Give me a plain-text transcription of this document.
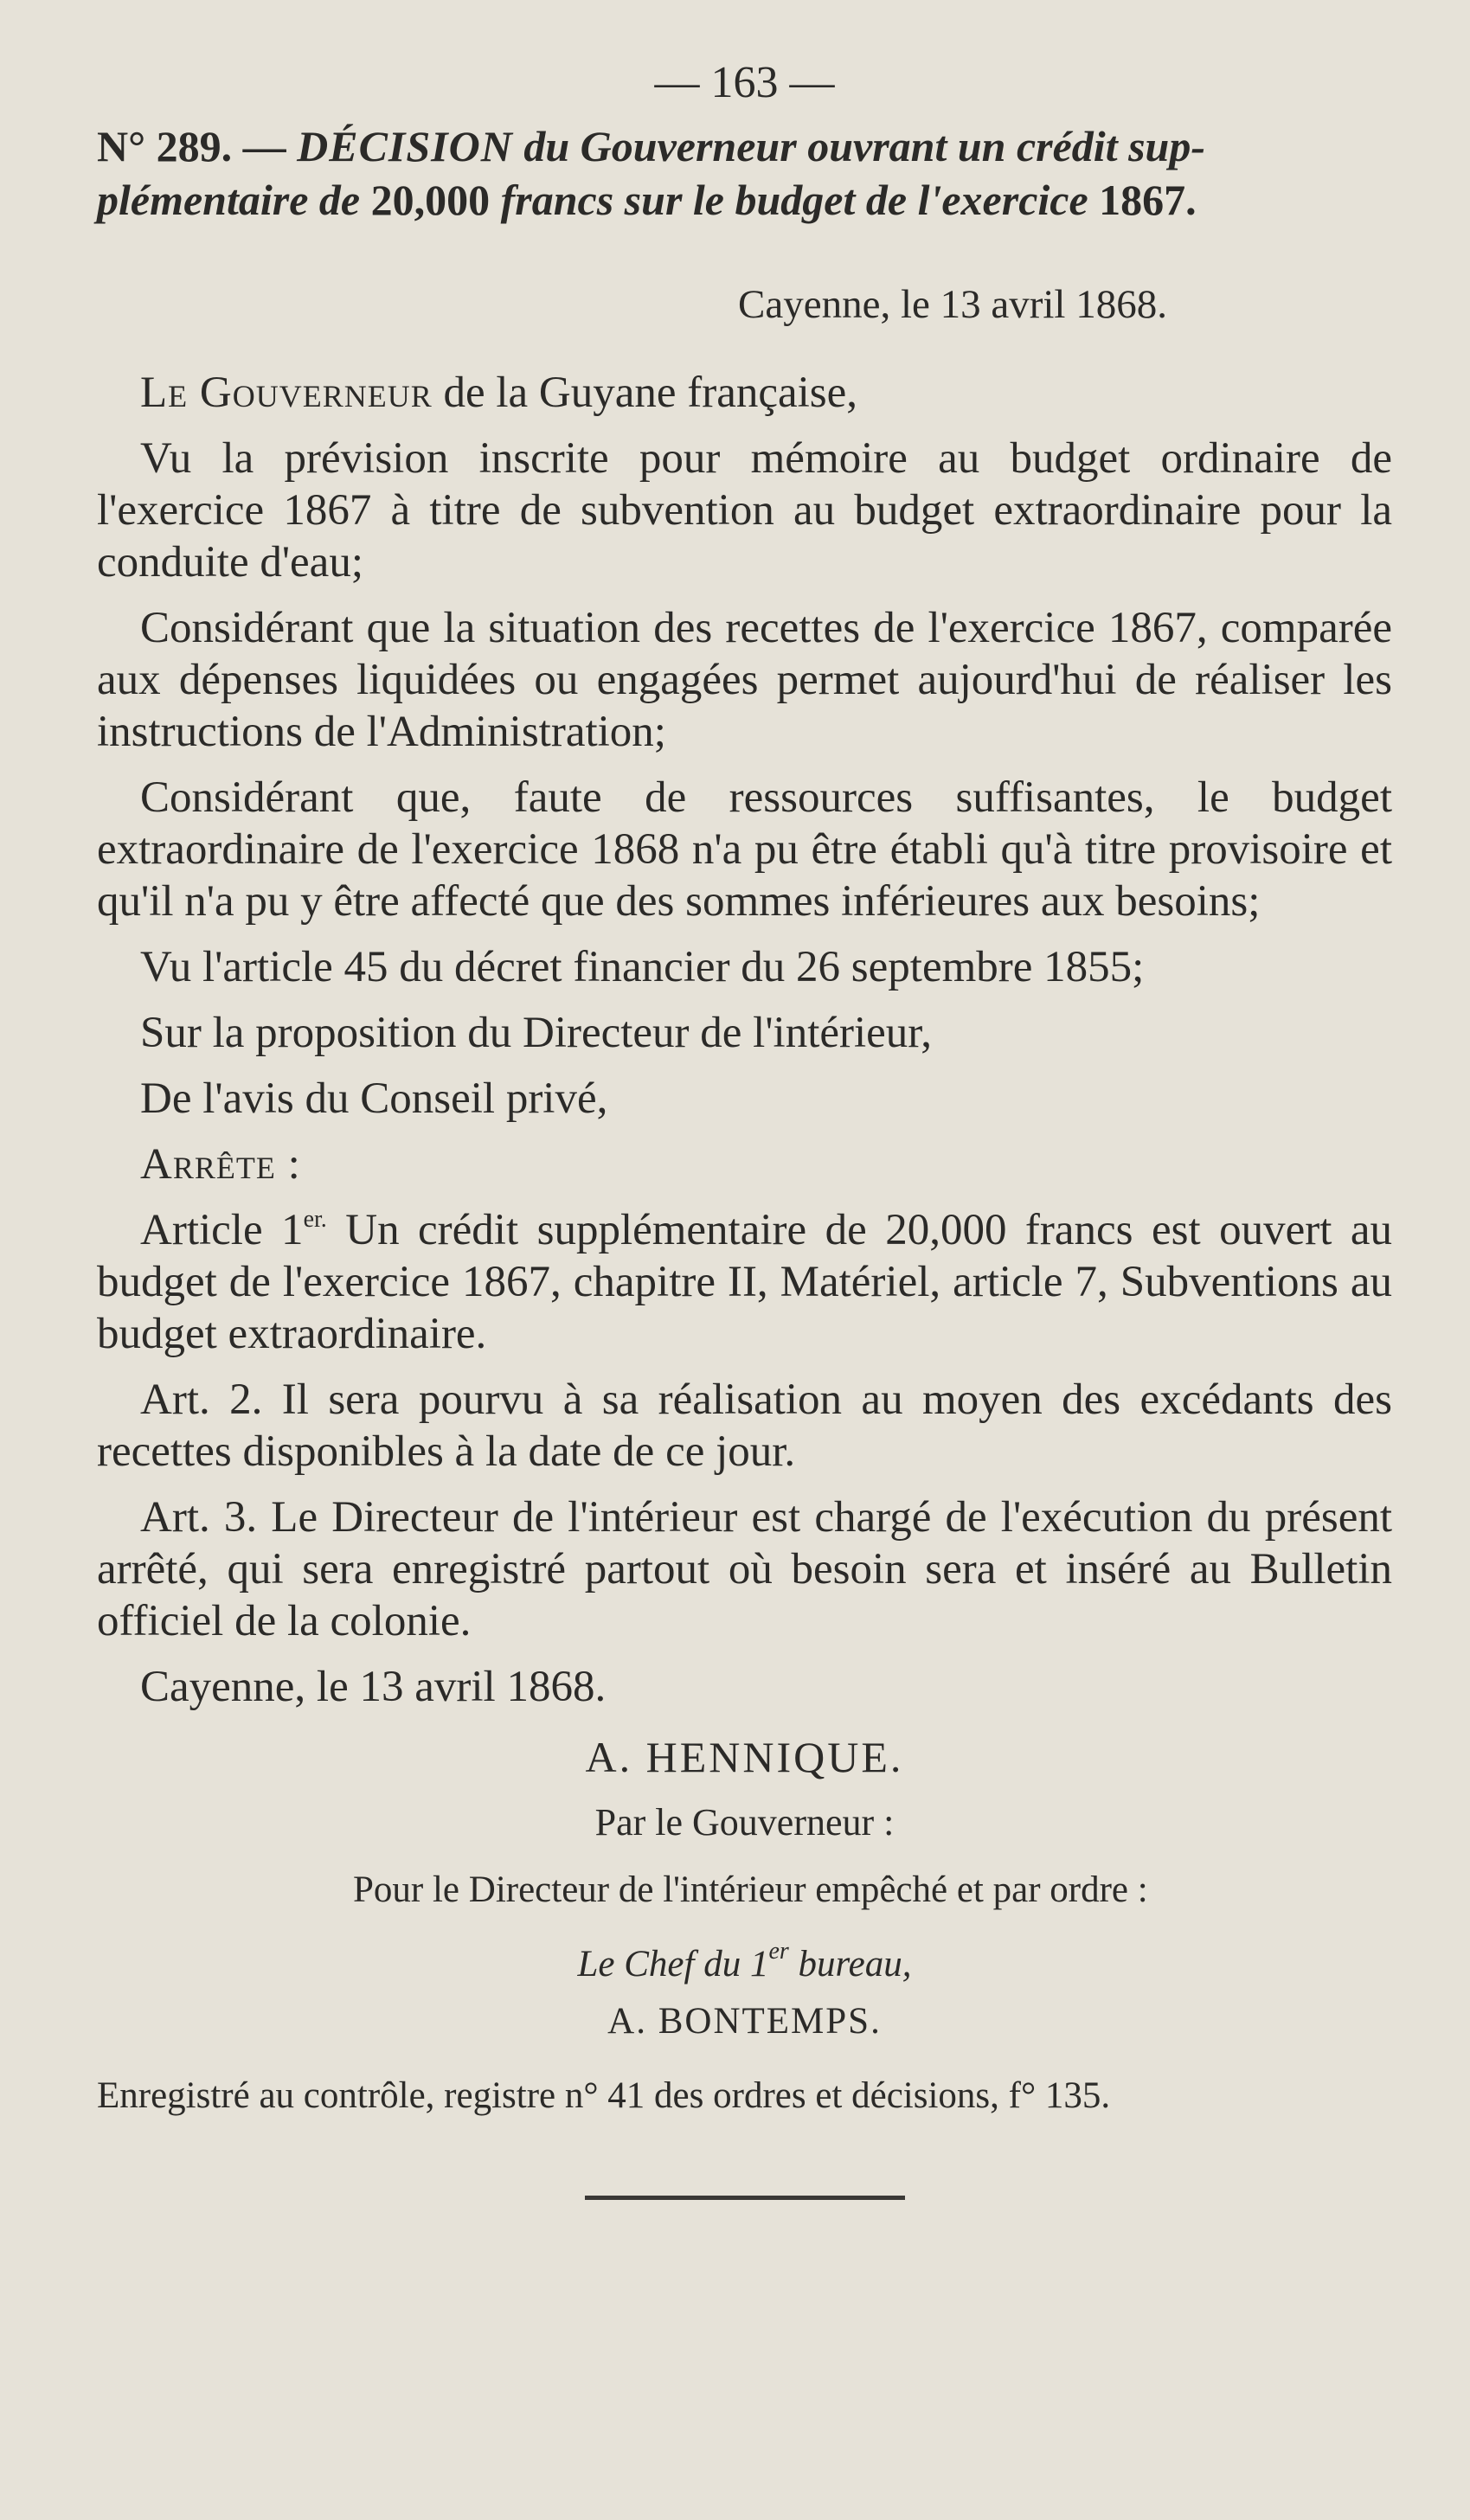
— 163 —
N° 289. — DÉCISION du Gouverneur ouvrant un crédit sup-
plémentaire de 20,000 francs sur le budget de l'exercice 1867.
Cayenne, le 13 avril 1868.

Le Gouverneur de la Guyane française,

Vu la prévision inscrite pour mémoire au budget ordinaire de l'exercice 1867 à titre de subvention au budget extraordinaire pour la conduite d'eau;

Considérant que la situation des recettes de l'exercice 1867, comparée aux dépenses liquidées ou engagées permet aujourd'hui de réaliser les instructions de l'Administration;

Considérant que, faute de ressources suffisantes, le budget extraordinaire de l'exercice 1868 n'a pu être établi qu'à titre provisoire et qu'il n'a pu y être affecté que des sommes inférieures aux besoins;

Vu l'article 45 du décret financier du 26 septembre 1855;

Sur la proposition du Directeur de l'intérieur,

De l'avis du Conseil privé,

Arrête :

Article $1^{er.}$ Un crédit supplémentaire de 20,000 francs est ouvert au budget de l'exercice 1867, chapitre II, Matériel, article 7, Subventions au budget extraordinaire.

Art. 2. Il sera pourvu à sa réalisation au moyen des excédants des recettes disponibles à la date de ce jour.

Art. 3. Le Directeur de l'intérieur est chargé de l'exécution du présent arrêté, qui sera enregistré partout où besoin sera et inséré au Bulletin officiel de la colonie.

Cayenne, le 13 avril 1868.

A. HENNIQUE.
Par le Gouverneur :
Pour le Directeur de l'intérieur empêché et par ordre :
Le Chef du 1er bureau,
A. BONTEMPS.
Enregistré au contrôle, registre n° 41 des ordres et décisions, f° 135.
